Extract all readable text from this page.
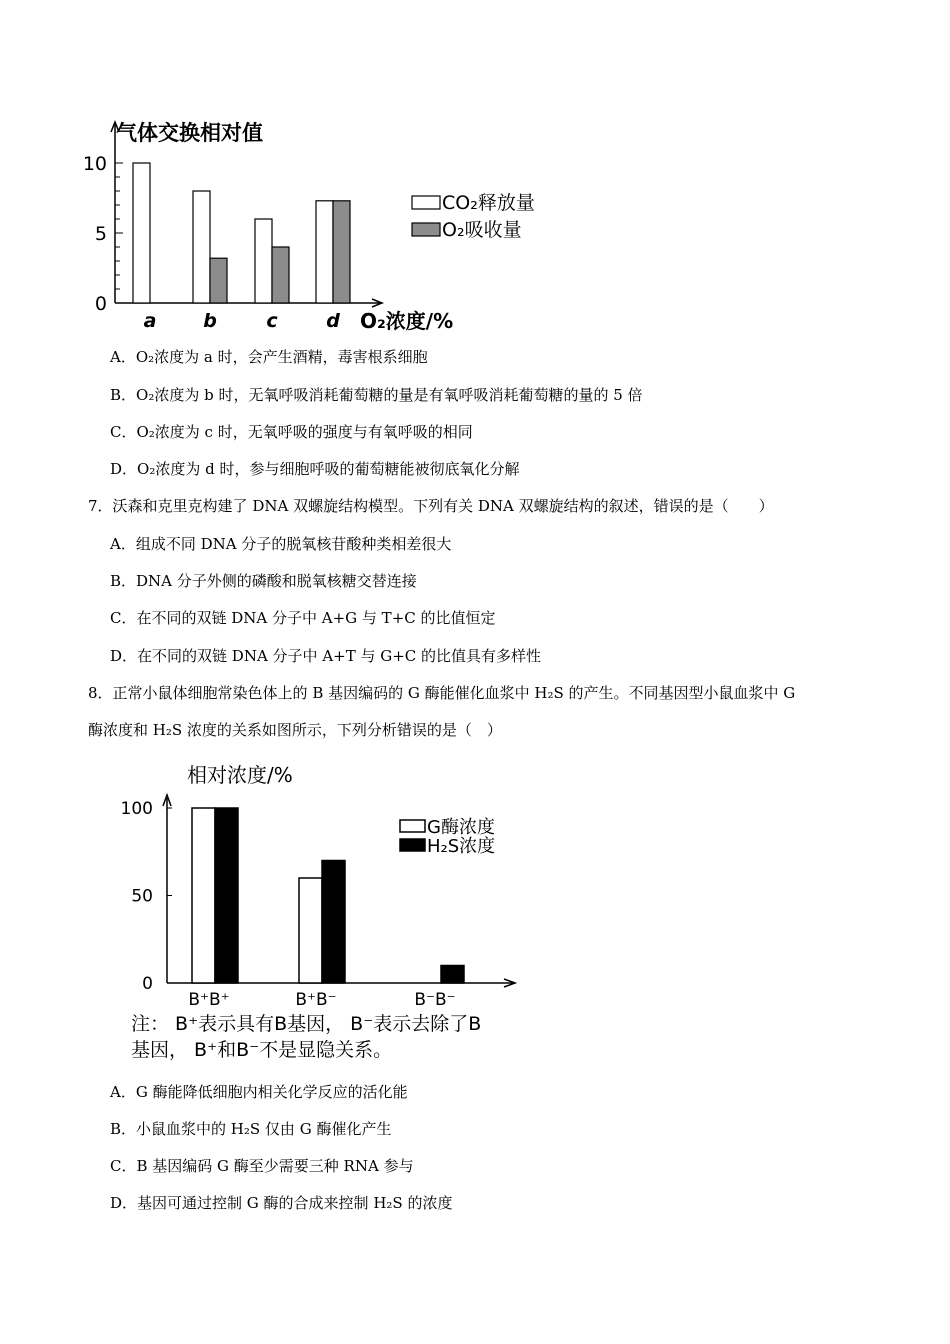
气体交换相对值
a b	c	d
0
5
10
O₂浓度/%
CO₂释放量
O₂吸收量
A．O₂浓度为 a 时，会产生酒精，毒害根系细胞
B．O₂浓度为 b 时，无氧呼吸消耗葡萄糖的量是有氧呼吸消耗葡萄糖的量的 5 倍
C．O₂浓度为 c 时，无氧呼吸的强度与有氧呼吸的相同
D．O₂浓度为 d 时，参与细胞呼吸的葡萄糖能被彻底氧化分解
7．沃森和克里克构建了 DNA 双螺旋结构模型。下列有关 DNA 双螺旋结构的叙述，错误的是（　　）
A．组成不同 DNA 分子的脱氧核苷酸种类相差很大
B．DNA 分子外侧的磷酸和脱氧核糖交替连接
C．在不同的双链 DNA 分子中 A+G 与 T+C 的比值恒定
D．在不同的双链 DNA 分子中 A+T 与 G+C 的比值具有多样性
8．正常小鼠体细胞常染色体上的 B 基因编码的 G 酶能催化血浆中 H₂S 的产生。不同基因型小鼠血浆中 G
酶浓度和 H₂S 浓度的关系如图所示，下列分析错误的是（　）
相对浓度/%
B⁺B⁺	B⁺B⁻	B⁻B⁻
0
50
100
G酶浓度
H₂S浓度
注： B⁺表示具有B基因， B⁻表示去除了B
基因， B⁺和B⁻不是显隐关系。
A．G 酶能降低细胞内相关化学反应的活化能
B．小鼠血浆中的 H₂S 仅由 G 酶催化产生
C．B 基因编码 G 酶至少需要三种 RNA 参与
D．基因可通过控制 G 酶的合成来控制 H₂S 的浓度
